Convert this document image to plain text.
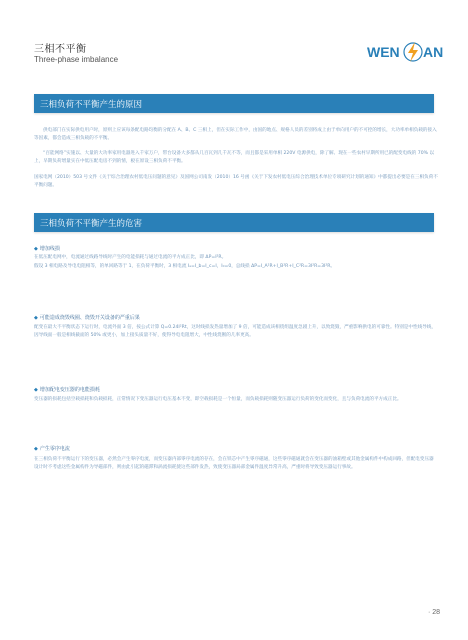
三相不平衡
Three-phase imbalance	WEN AN
三相负荷不平衡产生的原因

供电部门在实际供电用户时，原则上应该每条配电路均衡的分配在 A、B、C 三相上，但在实际工作中，由国的地点、规格人员的差别将成上由于单向用户的不可控的增长，大功率单相负载的接入等因素，都会造成三相负载的不平衡。

“百能网络”实施以、大量的大功率家用电器进入千家万户，带台设备大多都从几百瓦到几千瓦不等，而且都是采用单相 220V 电源供电，除了解、现在一些农村早期所用已的配变电线的 70% 以上，早期负荷增量实在中低压配电房不到的情，板在原设三相负荷不平衡。

国家电网（2010）503 号文件《关于综合治理农村低电压问题的意见》及国网公司南发（2010）16 号函《关于下发农村低电压综合治理技术单位专项研究计划的通知》中都提出必要是在三相负荷不平衡问题。

三相负荷不平衡产生的危害
◆ 增加线损

在低压配电网中，电流通过线路导线时产生的电能损耗与通过电流的平方成正比，即 ΔP=I²R。

假设 3 相电路及导电电阻相等，的单回路等于 1，在负荷平衡时，3 相电流 Iₐ=I_b=I_c=I，I₀=0，总线损 ΔP=I_A²R+I_B²R+I_C²R=3I²R=3I²R。

◆ 可能造成烧毁线圈、烧毁开关设备的严重后果

配变在最大不平衡状态下运行时，电流外面 3 倍，按公式计算 Q=0.24I²Rt，这时线损发热量增加了 9 倍，可能造成该相绕组温度急剧上升，以致烧毁，严重影响供电的可靠性。特别是中性线导线，因导线面一般是相线截面的 50% 或更小，加上接头质量不好，使得导电电阻增大，中性线烧断的几率更高。

◆ 增加配电变压器的电能损耗

变压器的损耗包括空载损耗和负载损耗，正常情况下变压器运行电压基本不变，即空载损耗是一个恒量，而负载损耗则随变压器运行负荷的变化而变化，且与负荷电流的平方成正比。

◆ 产生零序电流

在三相负荷不平衡运行下的变压器，必然会产生零序电流，而变压器内部零序电流的存在，会在铁芯中产生零序磁通，这些零序磁通就会在变压器的油箱壁或其他金属构件中构成回路，但配电变压器设计时不考虑这些金属构件为导磁部件，则由此引起的磁滞和涡流损耗使这些部件发热，致使变压器局部金属件温度异常升高，严重时将导致变压器运行事故。

· 28
